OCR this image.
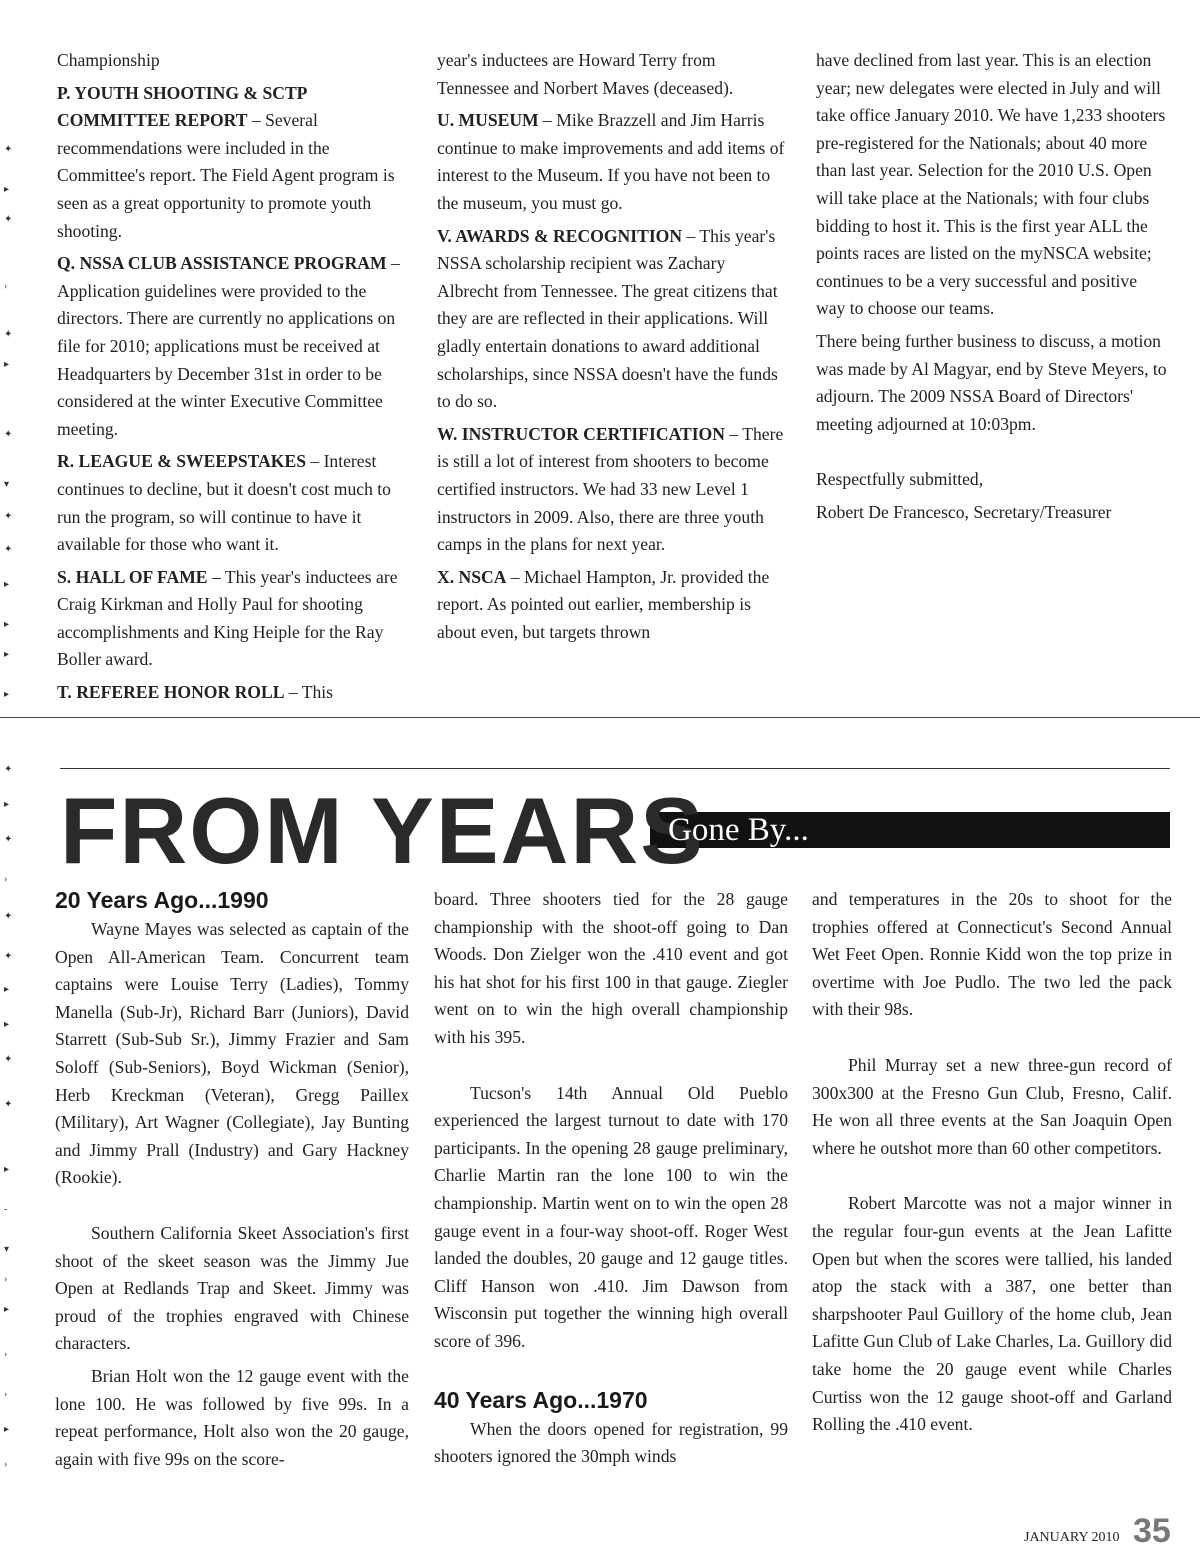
✦
▸
✦
›
✦
▸
✦
▾
✦
✦
▸
▸
▸
▸
✦
▸
✦
›
✦
✦
▸
▸
✦
✦
▸
-
▾
›
▸
›
›
▸
›

Championship

P. YOUTH SHOOTING & SCTP COMMITTEE REPORT – Several recommendations were included in the Committee's report. The Field Agent program is seen as a great opportunity to promote youth shooting.

Q. NSSA CLUB ASSISTANCE PROGRAM – Application guidelines were provided to the directors. There are currently no applications on file for 2010; applications must be received at Headquarters by December 31st in order to be considered at the winter Executive Committee meeting.

R. LEAGUE & SWEEPSTAKES – Interest continues to decline, but it doesn't cost much to run the program, so will continue to have it available for those who want it.

S. HALL OF FAME – This year's inductees are Craig Kirkman and Holly Paul for shooting accomplishments and King Heiple for the Ray Boller award.

T. REFEREE HONOR ROLL – This

year's inductees are Howard Terry from Tennessee and Norbert Maves (deceased).

U. MUSEUM – Mike Brazzell and Jim Harris continue to make improvements and add items of interest to the Museum. If you have not been to the museum, you must go.

V. AWARDS & RECOGNITION – This year's NSSA scholarship recipient was Zachary Albrecht from Tennessee. The great citizens that they are are reflected in their applications. Will gladly entertain donations to award additional scholarships, since NSSA doesn't have the funds to do so.

W. INSTRUCTOR CERTIFICATION – There is still a lot of interest from shooters to become certified instructors. We had 33 new Level 1 instructors in 2009. Also, there are three youth camps in the plans for next year.

X. NSCA – Michael Hampton, Jr. provided the report. As pointed out earlier, membership is about even, but targets thrown

have declined from last year. This is an election year; new delegates were elected in July and will take office January 2010. We have 1,233 shooters pre-registered for the Nationals; about 40 more than last year. Selection for the 2010 U.S. Open will take place at the Nationals; with four clubs bidding to host it. This is the first year ALL the points races are listed on the myNSCA website; continues to be a very successful and positive way to choose our teams.

There being further business to discuss, a motion was made by Al Magyar, end by Steve Meyers, to adjourn. The 2009 NSSA Board of Directors' meeting adjourned at 10:03pm.

Respectfully submitted,

Robert De Francesco, Secretary/Treasurer

FROM YEARS
Gone By...
20 Years Ago...1990

Wayne Mayes was selected as captain of the Open All-American Team. Concurrent team captains were Louise Terry (Ladies), Tommy Manella (Sub-Jr), Richard Barr (Juniors), David Starrett (Sub-Sub Sr.), Jimmy Frazier and Sam Soloff (Sub-Seniors), Boyd Wickman (Senior), Herb Kreckman (Veteran), Gregg Paillex (Military), Art Wagner (Collegiate), Jay Bunting and Jimmy Prall (Industry) and Gary Hackney (Rookie).

Southern California Skeet Association's first shoot of the skeet season was the Jimmy Jue Open at Redlands Trap and Skeet. Jimmy was proud of the trophies engraved with Chinese characters.

Brian Holt won the 12 gauge event with the lone 100. He was followed by five 99s. In a repeat performance, Holt also won the 20 gauge, again with five 99s on the score-

board. Three shooters tied for the 28 gauge championship with the shoot-off going to Dan Woods. Don Zielger won the .410 event and got his hat shot for his first 100 in that gauge. Ziegler went on to win the high overall championship with his 395.

Tucson's 14th Annual Old Pueblo experienced the largest turnout to date with 170 participants. In the opening 28 gauge preliminary, Charlie Martin ran the lone 100 to win the championship. Martin went on to win the open 28 gauge event in a four-way shoot-off. Roger West landed the doubles, 20 gauge and 12 gauge titles. Cliff Hanson won .410. Jim Dawson from Wisconsin put together the winning high overall score of 396.

40 Years Ago...1970

When the doors opened for registration, 99 shooters ignored the 30mph winds

and temperatures in the 20s to shoot for the trophies offered at Connecticut's Second Annual Wet Feet Open. Ronnie Kidd won the top prize in overtime with Joe Pudlo. The two led the pack with their 98s.

Phil Murray set a new three-gun record of 300x300 at the Fresno Gun Club, Fresno, Calif. He won all three events at the San Joaquin Open where he outshot more than 60 other competitors.

Robert Marcotte was not a major winner in the regular four-gun events at the Jean Lafitte Open but when the scores were tallied, his landed atop the stack with a 387, one better than sharpshooter Paul Guillory of the home club, Jean Lafitte Gun Club of Lake Charles, La. Guillory did take home the 20 gauge event while Charles Curtiss won the 12 gauge shoot-off and Garland Rolling the .410 event.

JANUARY 2010 35
